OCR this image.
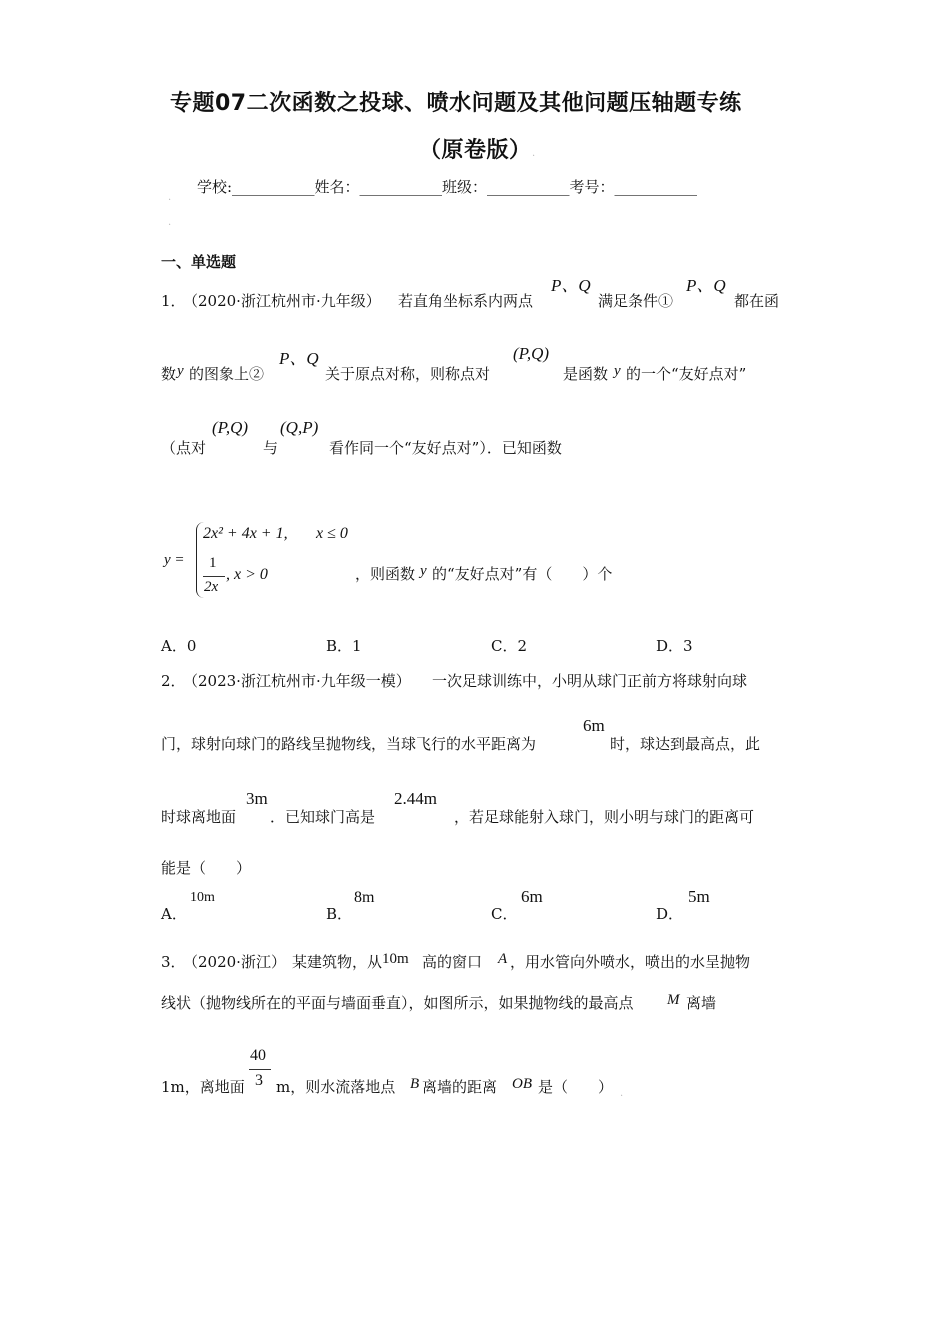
专题07二次函数之投球、喷水问题及其他问题压轴题专练
（原卷版） .
学校:___________姓名：___________班级：___________考号：___________
.
.
一、单选题
1．
（2020·浙江杭州市·九年级） 若直角坐标系内两点
P、Q
满足条件①
P、Q
都在函
数 y 的图象上②
P、Q
关于原点对称，则称点对
(P,Q)
是函数 y 的一个“友好点对”
（点对
(P,Q)
与
(Q,P)
看作同一个“友好点对”）．已知函数
y =
2x² + 4x + 1, x ≤ 0
1
2x
, x > 0	，则函数 y 的“友好点对”有（　　）个
A．0	B．1	C．2	D．3
2．
（2023·浙江杭州市·九年级一模） 一次足球训练中，小明从球门正前方将球射向球
门，球射向球门的路线呈抛物线，当球飞行的水平距离为
6m
时，球达到最高点，此
时球离地面
3m
．已知球门高是
2.44m
，若足球能射入球门，则小明与球门的距离可
能是（　　）
A．
10m
B．
8m
C．
6m
D．
5m
3．
（2020·浙江） 某建筑物，从 10m 高的窗口 A ，用水管向外喷水，喷出的水呈抛物
线状（抛物线所在的平面与墙面垂直），如图所示，如果抛物线的最高点 M 离墙
1m，离地面
40
3 m，则水流落地点 B 离墙的距离 OB 是（　　） .
